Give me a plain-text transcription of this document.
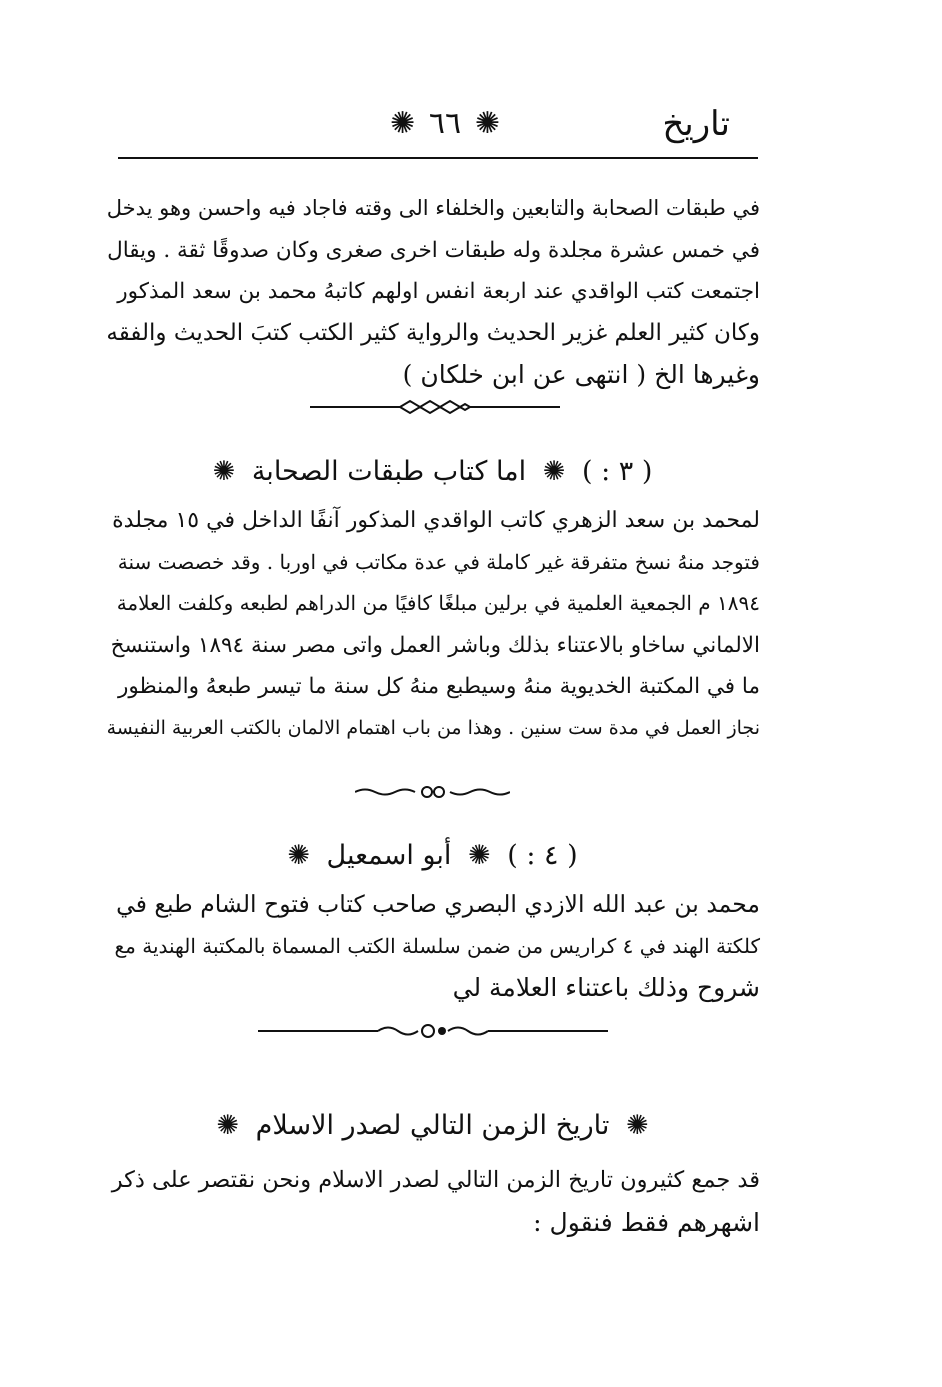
تاريخ
✺ ٦٦ ✺
في طبقات الصحابة والتابعين والخلفاء الى وقته فاجاد فيه واحسن وهو يدخل
في خمس عشرة مجلدة وله طبقات اخرى صغرى وكان صدوقًا ثقة . ويقال
اجتمعت كتب الواقدي عند اربعة انفس اولهم كاتبهُ محمد بن سعد المذكور
وكان كثير العلم غزير الحديث والرواية كثير الكتب كتبَ الحديث والفقه
وغيرها الخ ( انتهى عن ابن خلكان )
( ٣ : ) ✺ اما كتاب طبقات الصحابة ✺
لمحمد بن سعد الزهري كاتب الواقدي المذكور آنفًا الداخل في ١٥ مجلدة
فتوجد منهُ نسخ متفرقة غير كاملة في عدة مكاتب في اوربا . وقد خصصت سنة
١٨٩٤ م الجمعية العلمية في برلين مبلغًا كافيًا من الدراهم لطبعه وكلفت العلامة
الالماني ساخاو بالاعتناء بذلك وباشر العمل واتى مصر سنة ١٨٩٤ واستنسخ
ما في المكتبة الخديوية منهُ وسيطبع منهُ كل سنة ما تيسر طبعهُ والمنظور
نجاز العمل في مدة ست سنين . وهذا من باب اهتمام الالمان بالكتب العربية النفيسة
( ٤ : ) ✺ أبو اسمعيل ✺
محمد بن عبد الله الازدي البصري صاحب كتاب فتوح الشام طبع في
كلكتة الهند في ٤ كراريس من ضمن سلسلة الكتب المسماة بالمكتبة الهندية مع
شروح وذلك باعتناء العلامة لي
✺ تاريخ الزمن التالي لصدر الاسلام ✺
قد جمع كثيرون تاريخ الزمن التالي لصدر الاسلام ونحن نقتصر على ذكر
اشهرهم فقط فنقول :
